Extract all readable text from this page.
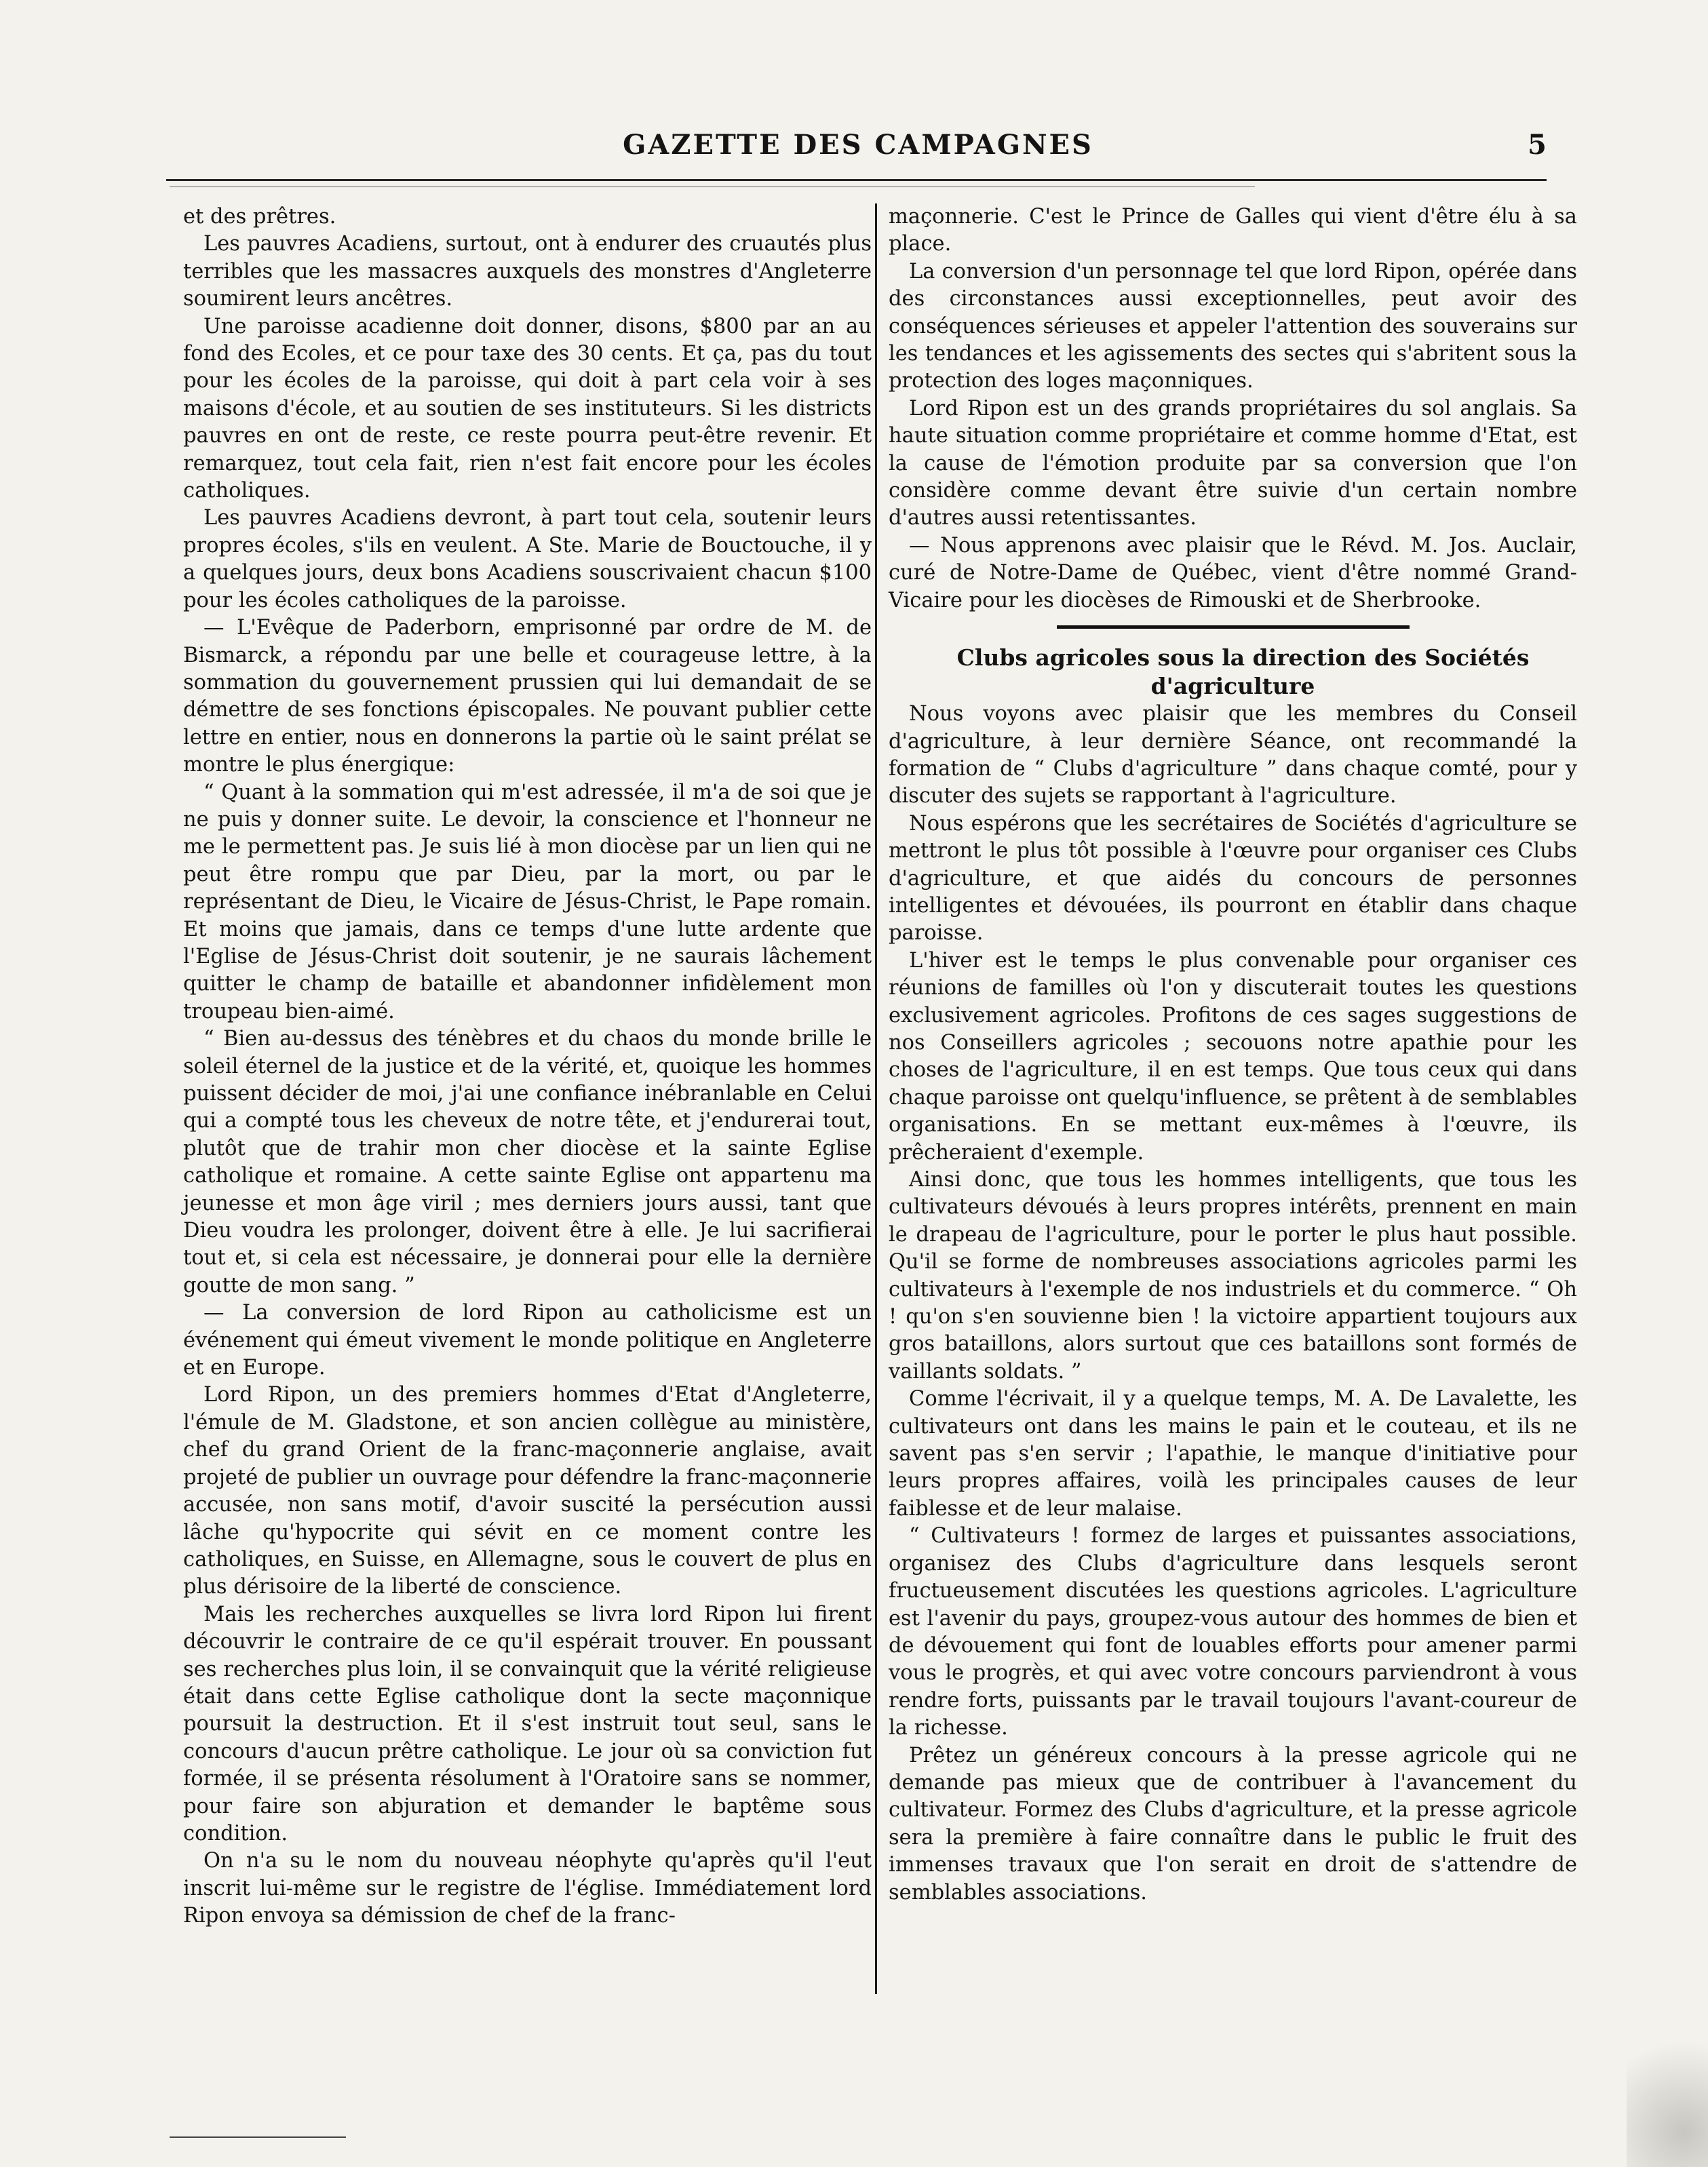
GAZETTE DES CAMPAGNES	5

et des prêtres.

Les pauvres Acadiens, surtout, ont à endurer des cruautés plus terribles que les massacres auxquels des monstres d'Angleterre soumirent leurs ancêtres.

Une paroisse acadienne doit donner, disons, $800 par an au fond des Ecoles, et ce pour taxe des 30 cents. Et ça, pas du tout pour les écoles de la paroisse, qui doit à part cela voir à ses maisons d'école, et au soutien de ses instituteurs. Si les districts pauvres en ont de reste, ce reste pourra peut-être revenir. Et remarquez, tout cela fait, rien n'est fait encore pour les écoles catholiques.

Les pauvres Acadiens devront, à part tout cela, soutenir leurs propres écoles, s'ils en veulent. A Ste. Marie de Bouctouche, il y a quelques jours, deux bons Acadiens souscrivaient chacun $100 pour les écoles catholiques de la paroisse.

— L'Evêque de Paderborn, emprisonné par ordre de M. de Bismarck, a répondu par une belle et courageuse lettre, à la sommation du gouvernement prussien qui lui demandait de se démettre de ses fonctions épiscopales. Ne pouvant publier cette lettre en entier, nous en donnerons la partie où le saint prélat se montre le plus énergique:

“ Quant à la sommation qui m'est adressée, il m'a de soi que je ne puis y donner suite. Le devoir, la conscience et l'honneur ne me le permettent pas. Je suis lié à mon diocèse par un lien qui ne peut être rompu que par Dieu, par la mort, ou par le représentant de Dieu, le Vicaire de Jésus-Christ, le Pape romain. Et moins que jamais, dans ce temps d'une lutte ardente que l'Eglise de Jésus-Christ doit soutenir, je ne saurais lâchement quitter le champ de bataille et abandonner infidèlement mon troupeau bien-aimé.

“ Bien au-dessus des ténèbres et du chaos du monde brille le soleil éternel de la justice et de la vérité, et, quoique les hommes puissent décider de moi, j'ai une confiance inébranlable en Celui qui a compté tous les cheveux de notre tête, et j'endurerai tout, plutôt que de trahir mon cher diocèse et la sainte Eglise catholique et romaine. A cette sainte Eglise ont appartenu ma jeunesse et mon âge viril ; mes derniers jours aussi, tant que Dieu voudra les prolonger, doivent être à elle. Je lui sacrifierai tout et, si cela est nécessaire, je donnerai pour elle la dernière goutte de mon sang. ”

— La conversion de lord Ripon au catholicisme est un événement qui émeut vivement le monde politique en Angleterre et en Europe.

Lord Ripon, un des premiers hommes d'Etat d'Angleterre, l'émule de M. Gladstone, et son ancien collègue au ministère, chef du grand Orient de la franc-maçonnerie anglaise, avait projeté de publier un ouvrage pour défendre la franc-maçonnerie accusée, non sans motif, d'avoir suscité la persécution aussi lâche qu'hypocrite qui sévit en ce moment contre les catholiques, en Suisse, en Allemagne, sous le couvert de plus en plus dérisoire de la liberté de conscience.

Mais les recherches auxquelles se livra lord Ripon lui firent découvrir le contraire de ce qu'il espérait trouver. En poussant ses recherches plus loin, il se convainquit que la vérité religieuse était dans cette Eglise catholique dont la secte maçonnique poursuit la destruction. Et il s'est instruit tout seul, sans le concours d'aucun prêtre catholique. Le jour où sa conviction fut formée, il se présenta résolument à l'Oratoire sans se nommer, pour faire son abjuration et demander le baptême sous condition.

On n'a su le nom du nouveau néophyte qu'après qu'il l'eut inscrit lui-même sur le registre de l'église. Immédiatement lord Ripon envoya sa démission de chef de la franc-

maçonnerie. C'est le Prince de Galles qui vient d'être élu à sa place.

La conversion d'un personnage tel que lord Ripon, opérée dans des circonstances aussi exceptionnelles, peut avoir des conséquences sérieuses et appeler l'attention des souverains sur les tendances et les agissements des sectes qui s'abritent sous la protection des loges maçonniques.

Lord Ripon est un des grands propriétaires du sol anglais. Sa haute situation comme propriétaire et comme homme d'Etat, est la cause de l'émotion produite par sa conversion que l'on considère comme devant être suivie d'un certain nombre d'autres aussi retentissantes.

— Nous apprenons avec plaisir que le Révd. M. Jos. Auclair, curé de Notre-Dame de Québec, vient d'être nommé Grand-Vicaire pour les diocèses de Rimouski et de Sherbrooke.

Clubs agricoles sous la direction des Sociétés d'agriculture

Nous voyons avec plaisir que les membres du Conseil d'agriculture, à leur dernière Séance, ont recommandé la formation de “ Clubs d'agriculture ” dans chaque comté, pour y discuter des sujets se rapportant à l'agriculture.

Nous espérons que les secrétaires de Sociétés d'agriculture se mettront le plus tôt possible à l'œuvre pour organiser ces Clubs d'agriculture, et que aidés du concours de personnes intelligentes et dévouées, ils pourront en établir dans chaque paroisse.

L'hiver est le temps le plus convenable pour organiser ces réunions de familles où l'on y discuterait toutes les questions exclusivement agricoles. Profitons de ces sages suggestions de nos Conseillers agricoles ; secouons notre apathie pour les choses de l'agriculture, il en est temps. Que tous ceux qui dans chaque paroisse ont quelqu'influence, se prêtent à de semblables organisations. En se mettant eux-mêmes à l'œuvre, ils prêcheraient d'exemple.

Ainsi donc, que tous les hommes intelligents, que tous les cultivateurs dévoués à leurs propres intérêts, prennent en main le drapeau de l'agriculture, pour le porter le plus haut possible. Qu'il se forme de nombreuses associations agricoles parmi les cultivateurs à l'exemple de nos industriels et du commerce. “ Oh ! qu'on s'en souvienne bien ! la victoire appartient toujours aux gros bataillons, alors surtout que ces bataillons sont formés de vaillants soldats. ”

Comme l'écrivait, il y a quelque temps, M. A. De Lavalette, les cultivateurs ont dans les mains le pain et le couteau, et ils ne savent pas s'en servir ; l'apathie, le manque d'initiative pour leurs propres affaires, voilà les principales causes de leur faiblesse et de leur malaise.

“ Cultivateurs ! formez de larges et puissantes associations, organisez des Clubs d'agriculture dans lesquels seront fructueusement discutées les questions agricoles. L'agriculture est l'avenir du pays, groupez-vous autour des hommes de bien et de dévouement qui font de louables efforts pour amener parmi vous le progrès, et qui avec votre concours parviendront à vous rendre forts, puissants par le travail toujours l'avant-coureur de la richesse.

Prêtez un généreux concours à la presse agricole qui ne demande pas mieux que de contribuer à l'avancement du cultivateur. Formez des Clubs d'agriculture, et la presse agricole sera la première à faire connaître dans le public le fruit des immenses travaux que l'on serait en droit de s'attendre de semblables associations.
